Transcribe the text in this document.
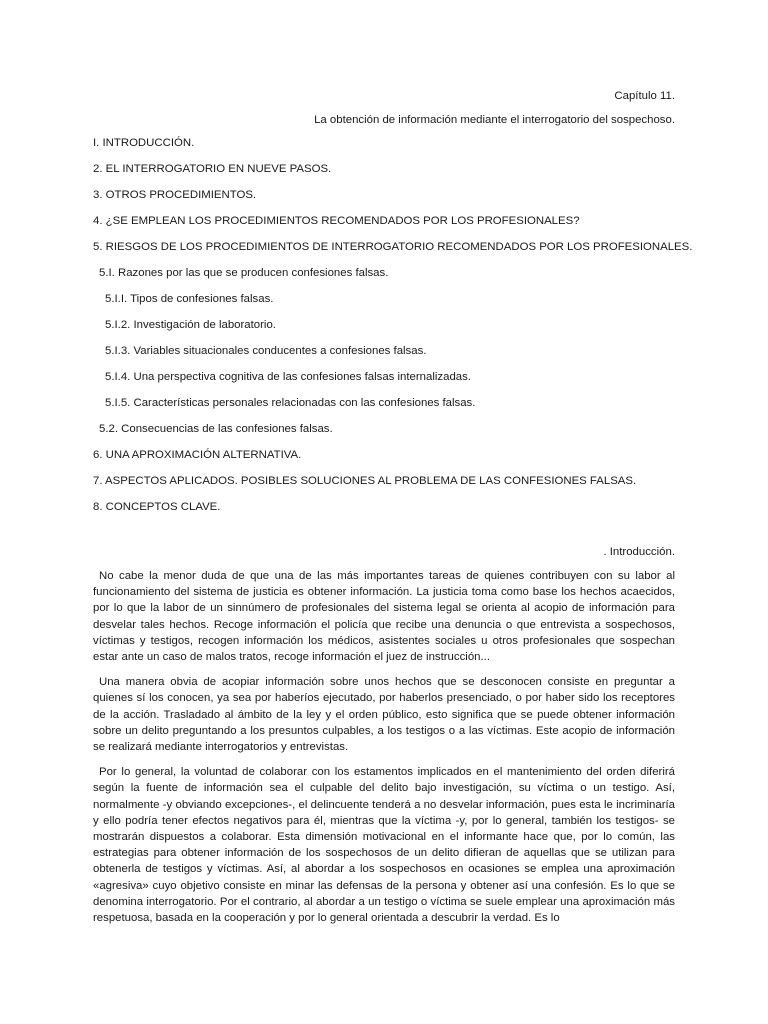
Capítulo 11.

La obtención de información mediante el interrogatorio del sospechoso.

I. INTRODUCCIÓN.
2. EL INTERROGATORIO EN NUEVE PASOS.
3. OTROS PROCEDIMIENTOS.
4. ¿SE EMPLEAN LOS PROCEDIMIENTOS RECOMENDADOS POR LOS PROFESIONALES?
5. RIESGOS DE LOS PROCEDIMIENTOS DE INTERROGATORIO RECOMENDADOS POR LOS PROFESIONALES.
5.I. Razones por las que se producen confesiones falsas.
5.I.I. Tipos de confesiones falsas.
5.I.2. Investigación de laboratorio.
5.I.3. Variables situacionales conducentes a confesiones falsas.
5.I.4. Una perspectiva cognitiva de las confesiones falsas internalizadas.
5.I.5. Características personales relacionadas con las confesiones falsas.
5.2. Consecuencias de las confesiones falsas.
6. UNA APROXIMACIÓN ALTERNATIVA.
7. ASPECTOS APLICADOS. POSIBLES SOLUCIONES AL PROBLEMA DE LAS CONFESIONES FALSAS.
8. CONCEPTOS CLAVE.

. Introducción.

No cabe la menor duda de que una de las más importantes tareas de quienes contribuyen con su labor al funcionamiento del sistema de justicia es obtener información. La justicia toma como base los hechos acaecidos, por lo que la labor de un sinnúmero de profesionales del sistema legal se orienta al acopio de información para desvelar tales hechos. Recoge información el policía que recibe una denuncia o que entrevista a sospechosos, víctimas y testigos, recogen información los médicos, asistentes sociales u otros profesionales que sospechan estar ante un caso de malos tratos, recoge información el juez de instrucción...

Una manera obvia de acopiar información sobre unos hechos que se desconocen consiste en preguntar a quienes sí los conocen, ya sea por haberíos ejecutado, por haberlos presenciado, o por haber sido los receptores de la acción. Trasladado al ámbito de la ley y el orden público, esto significa que se puede obtener información sobre un delito preguntando a los presuntos culpables, a los testigos o a las víctimas. Este acopio de información se realizará mediante interrogatorios y entrevistas.

Por lo general, la voluntad de colaborar con los estamentos implicados en el mantenimiento del orden diferirá según la fuente de información sea el culpable del delito bajo investigación, su víctima o un testigo. Así, normalmente -y obviando excepciones-, el delincuente tenderá a no desvelar información, pues esta le incriminaría y ello podría tener efectos negativos para él, mientras que la víctima -y, por lo general, también los testigos- se mostrarán dispuestos a colaborar. Esta dimensión motivacional en el informante hace que, por lo común, las estrategias para obtener información de los sospechosos de un delito difieran de aquellas que se utilizan para obtenerla de testigos y víctimas. Así, al abordar a los sospechosos en ocasiones se emplea una aproximación «agresiva» cuyo objetivo consiste en minar las defensas de la persona y obtener así una confesión. Es lo que se denomina interrogatorio. Por el contrario, al abordar a un testigo o víctima se suele emplear una aproximación más respetuosa, basada en la cooperación y por lo general orientada a descubrir la verdad. Es lo
